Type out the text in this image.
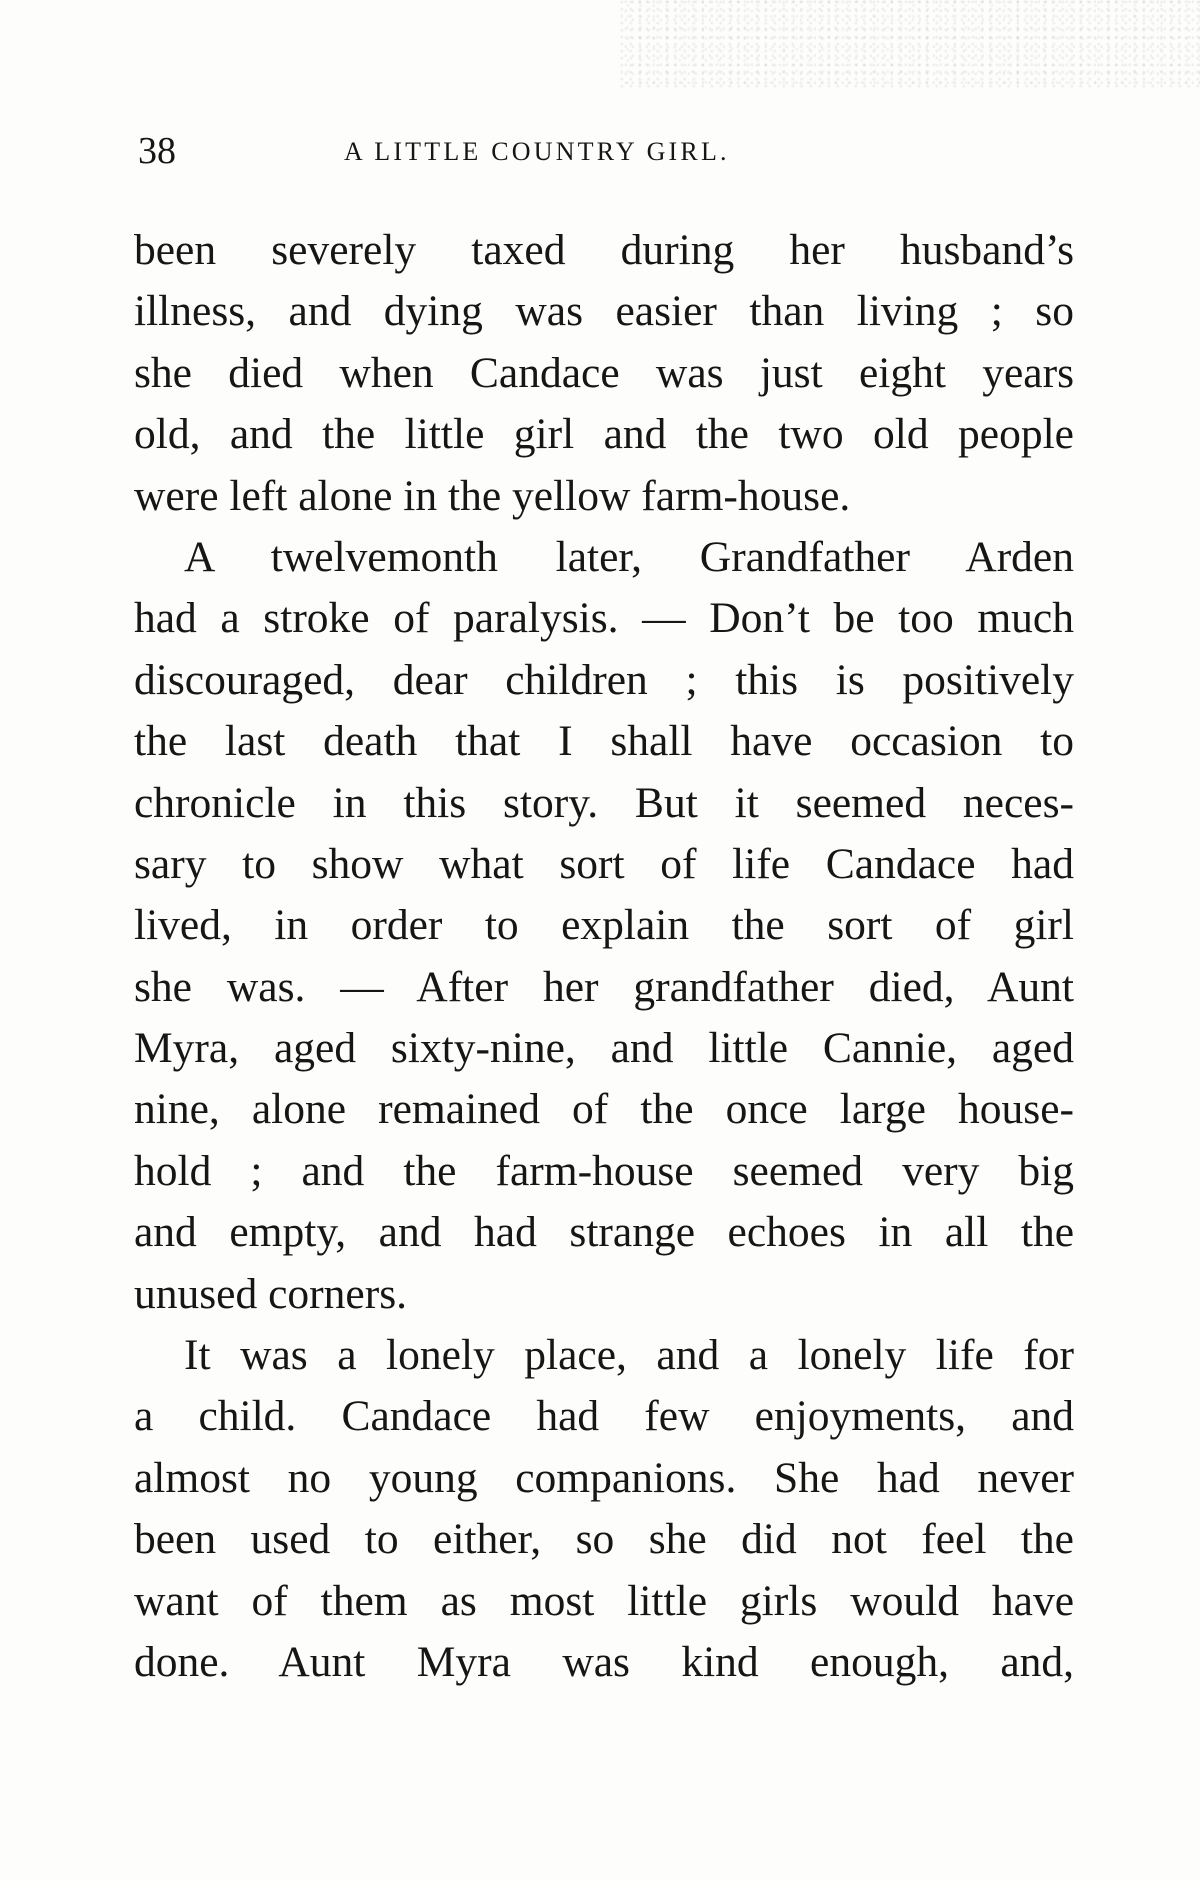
38	A LITTLE COUNTRY GIRL.
been severely taxed during her husband’s
illness, and dying was easier than living ; so
she died when Candace was just eight years
old, and the little girl and the two old people
were left alone in the yellow farm-house.
A twelvemonth later, Grandfather Arden
had a stroke of paralysis. — Don’t be too much
discouraged, dear children ; this is positively
the last death that I shall have occasion to
chronicle in this story. But it seemed neces-
sary to show what sort of life Candace had
lived, in order to explain the sort of girl
she was. — After her grandfather died, Aunt
Myra, aged sixty-nine, and little Cannie, aged
nine, alone remained of the once large house-
hold ; and the farm-house seemed very big
and empty, and had strange echoes in all the
unused corners.
It was a lonely place, and a lonely life for
a child. Candace had few enjoyments, and
almost no young companions. She had never
been used to either, so she did not feel the
want of them as most little girls would have
done. Aunt Myra was kind enough, and,
